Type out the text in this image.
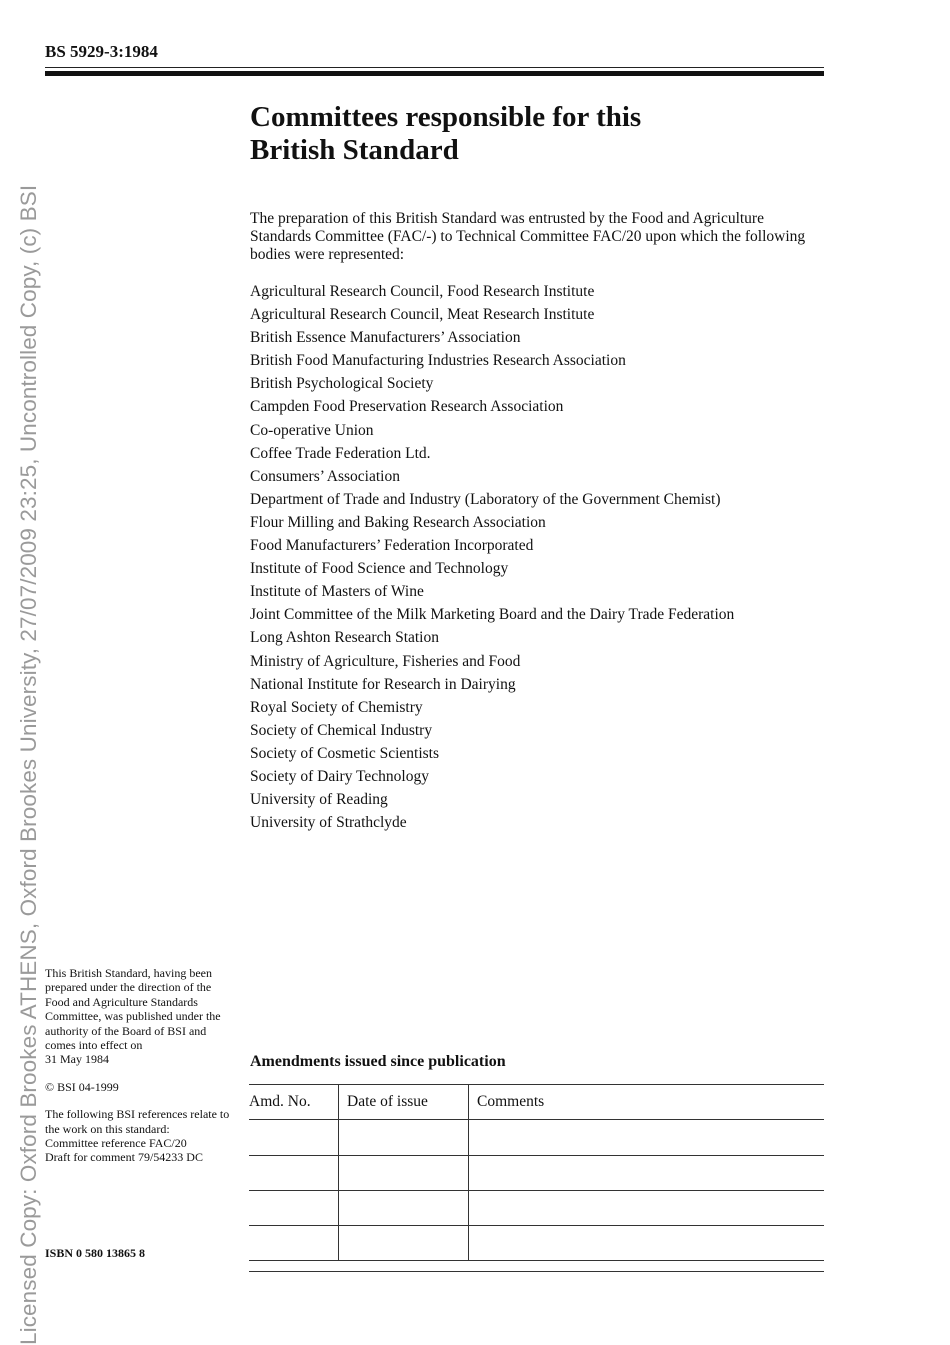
Licensed Copy: Oxford Brookes ATHENS, Oxford Brookes University, 27/07/2009 23:25, Uncontrolled Copy, (c) BSI
BS 5929-3:1984
Committees responsible for this
British Standard
The preparation of this British Standard was entrusted by the Food and Agriculture Standards Committee (FAC/-) to Technical Committee FAC/20 upon which the following bodies were represented:
Agricultural Research Council, Food Research Institute
Agricultural Research Council, Meat Research Institute
British Essence Manufacturers’ Association
British Food Manufacturing Industries Research Association
British Psychological Society
Campden Food Preservation Research Association
Co-operative Union
Coffee Trade Federation Ltd.
Consumers’ Association
Department of Trade and Industry (Laboratory of the Government Chemist)
Flour Milling and Baking Research Association
Food Manufacturers’ Federation Incorporated
Institute of Food Science and Technology
Institute of Masters of Wine
Joint Committee of the Milk Marketing Board and the Dairy Trade Federation
Long Ashton Research Station
Ministry of Agriculture, Fisheries and Food
National Institute for Research in Dairying
Royal Society of Chemistry
Society of Chemical Industry
Society of Cosmetic Scientists
Society of Dairy Technology
University of Reading
University of Strathclyde

This British Standard, having been prepared under the direction of the Food and Agriculture Standards Committee, was published under the authority of the Board of BSI and comes into effect on

31 May 1984

© BSI 04-1999

The following BSI references relate to the work on this standard:

Committee reference FAC/20

Draft for comment 79/54233 DC

ISBN 0 580 13865 8
Amendments issued since publication
Amd. No.	Date of issue	Comments
